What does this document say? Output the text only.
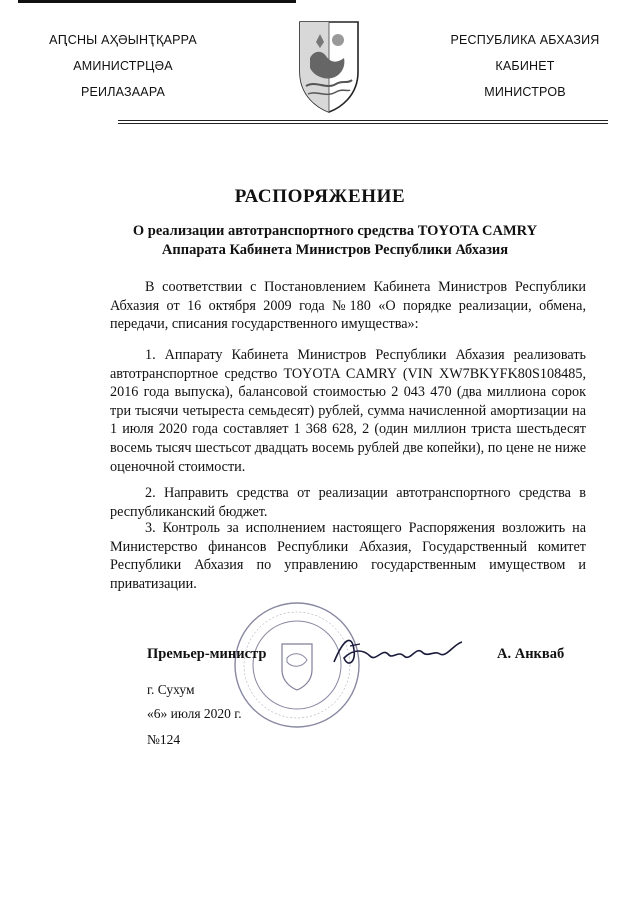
АԤСНЫ АҲӘЫНҬҚАРРА
АМИНИСТРЦӘА
РЕИЛАЗААРА
РЕСПУБЛИКА АБХАЗИЯ
КАБИНЕТ
МИНИСТРОВ
РАСПОРЯЖЕНИЕ
О реализации автотранспортного средства TOYOTA CAMRY
Аппарата Кабинета Министров Республики Абхазия
В соответствии с Постановлением Кабинета Министров Республики Абхазия от 16 октября 2009 года №180 «О порядке реализации, обмена, передачи, списания государственного имущества»:
1. Аппарату Кабинета Министров Республики Абхазия реализовать автотранспортное средство TOYOTA CAMRY (VIN XW7BKYFK80S108485, 2016 года выпуска), балансовой стоимостью 2 043 470 (два миллиона сорок три тысячи четыреста семьдесят) рублей, сумма начисленной амортизации на 1 июля 2020 года составляет 1 368 628, 2 (один миллион триста шестьдесят восемь тысяч шестьсот двадцать восемь рублей две копейки), по цене не ниже оценочной стоимости.
2. Направить средства от реализации автотранспортного средства в республиканский бюджет.
3. Контроль за исполнением настоящего Распоряжения возложить на Министерство финансов Республики Абхазия, Государственный комитет Республики Абхазия по управлению государственным имуществом и приватизации.
Премьер-министр	А. Анкваб
г. Сухум
«6» июля 2020 г.
№124
